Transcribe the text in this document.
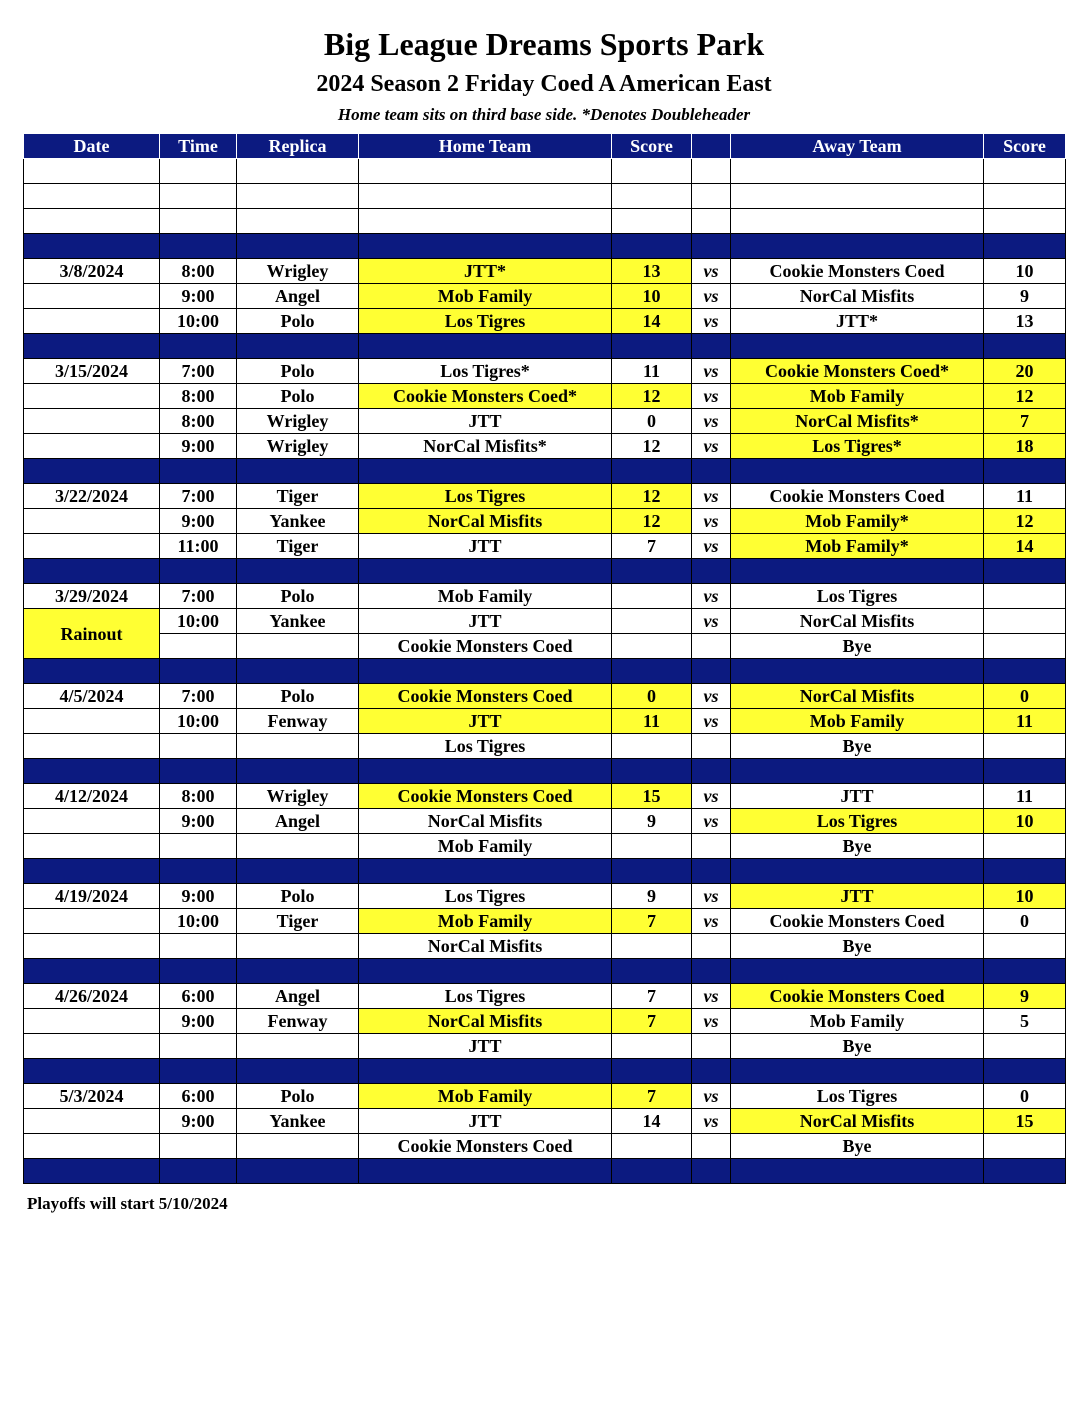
Big League Dreams Sports Park
2024 Season 2 Friday Coed A American East
Home team sits on third base side. *Denotes Doubleheader
Date	Time	Replica	Home Team	Score		Away Team	Score

3/8/2024	8:00	Wrigley	JTT*	13	vs	Cookie Monsters Coed	10
	9:00	Angel	Mob Family	10	vs	NorCal Misfits	9
	10:00	Polo	Los Tigres	14	vs	JTT*	13

3/15/2024	7:00	Polo	Los Tigres*	11	vs	Cookie Monsters Coed*	20
	8:00	Polo	Cookie Monsters Coed*	12	vs	Mob Family	12
	8:00	Wrigley	JTT	0	vs	NorCal Misfits*	7
	9:00	Wrigley	NorCal Misfits*	12	vs	Los Tigres*	18

3/22/2024	7:00	Tiger	Los Tigres	12	vs	Cookie Monsters Coed	11
	9:00	Yankee	NorCal Misfits	12	vs	Mob Family*	12
	11:00	Tiger	JTT	7	vs	Mob Family*	14

3/29/2024	7:00	Polo	Mob Family		vs	Los Tigres	
Rainout	10:00	Yankee	JTT		vs	NorCal Misfits	
			Cookie Monsters Coed			Bye	

4/5/2024	7:00	Polo	Cookie Monsters Coed	0	vs	NorCal Misfits	0
	10:00	Fenway	JTT	11	vs	Mob Family	11
			Los Tigres			Bye	

4/12/2024	8:00	Wrigley	Cookie Monsters Coed	15	vs	JTT	11
	9:00	Angel	NorCal Misfits	9	vs	Los Tigres	10
			Mob Family			Bye	

4/19/2024	9:00	Polo	Los Tigres	9	vs	JTT	10
	10:00	Tiger	Mob Family	7	vs	Cookie Monsters Coed	0
			NorCal Misfits			Bye	

4/26/2024	6:00	Angel	Los Tigres	7	vs	Cookie Monsters Coed	9
	9:00	Fenway	NorCal Misfits	7	vs	Mob Family	5
			JTT			Bye	

5/3/2024	6:00	Polo	Mob Family	7	vs	Los Tigres	0
	9:00	Yankee	JTT	14	vs	NorCal Misfits	15
			Cookie Monsters Coed			Bye	

Playoffs will start 5/10/2024
